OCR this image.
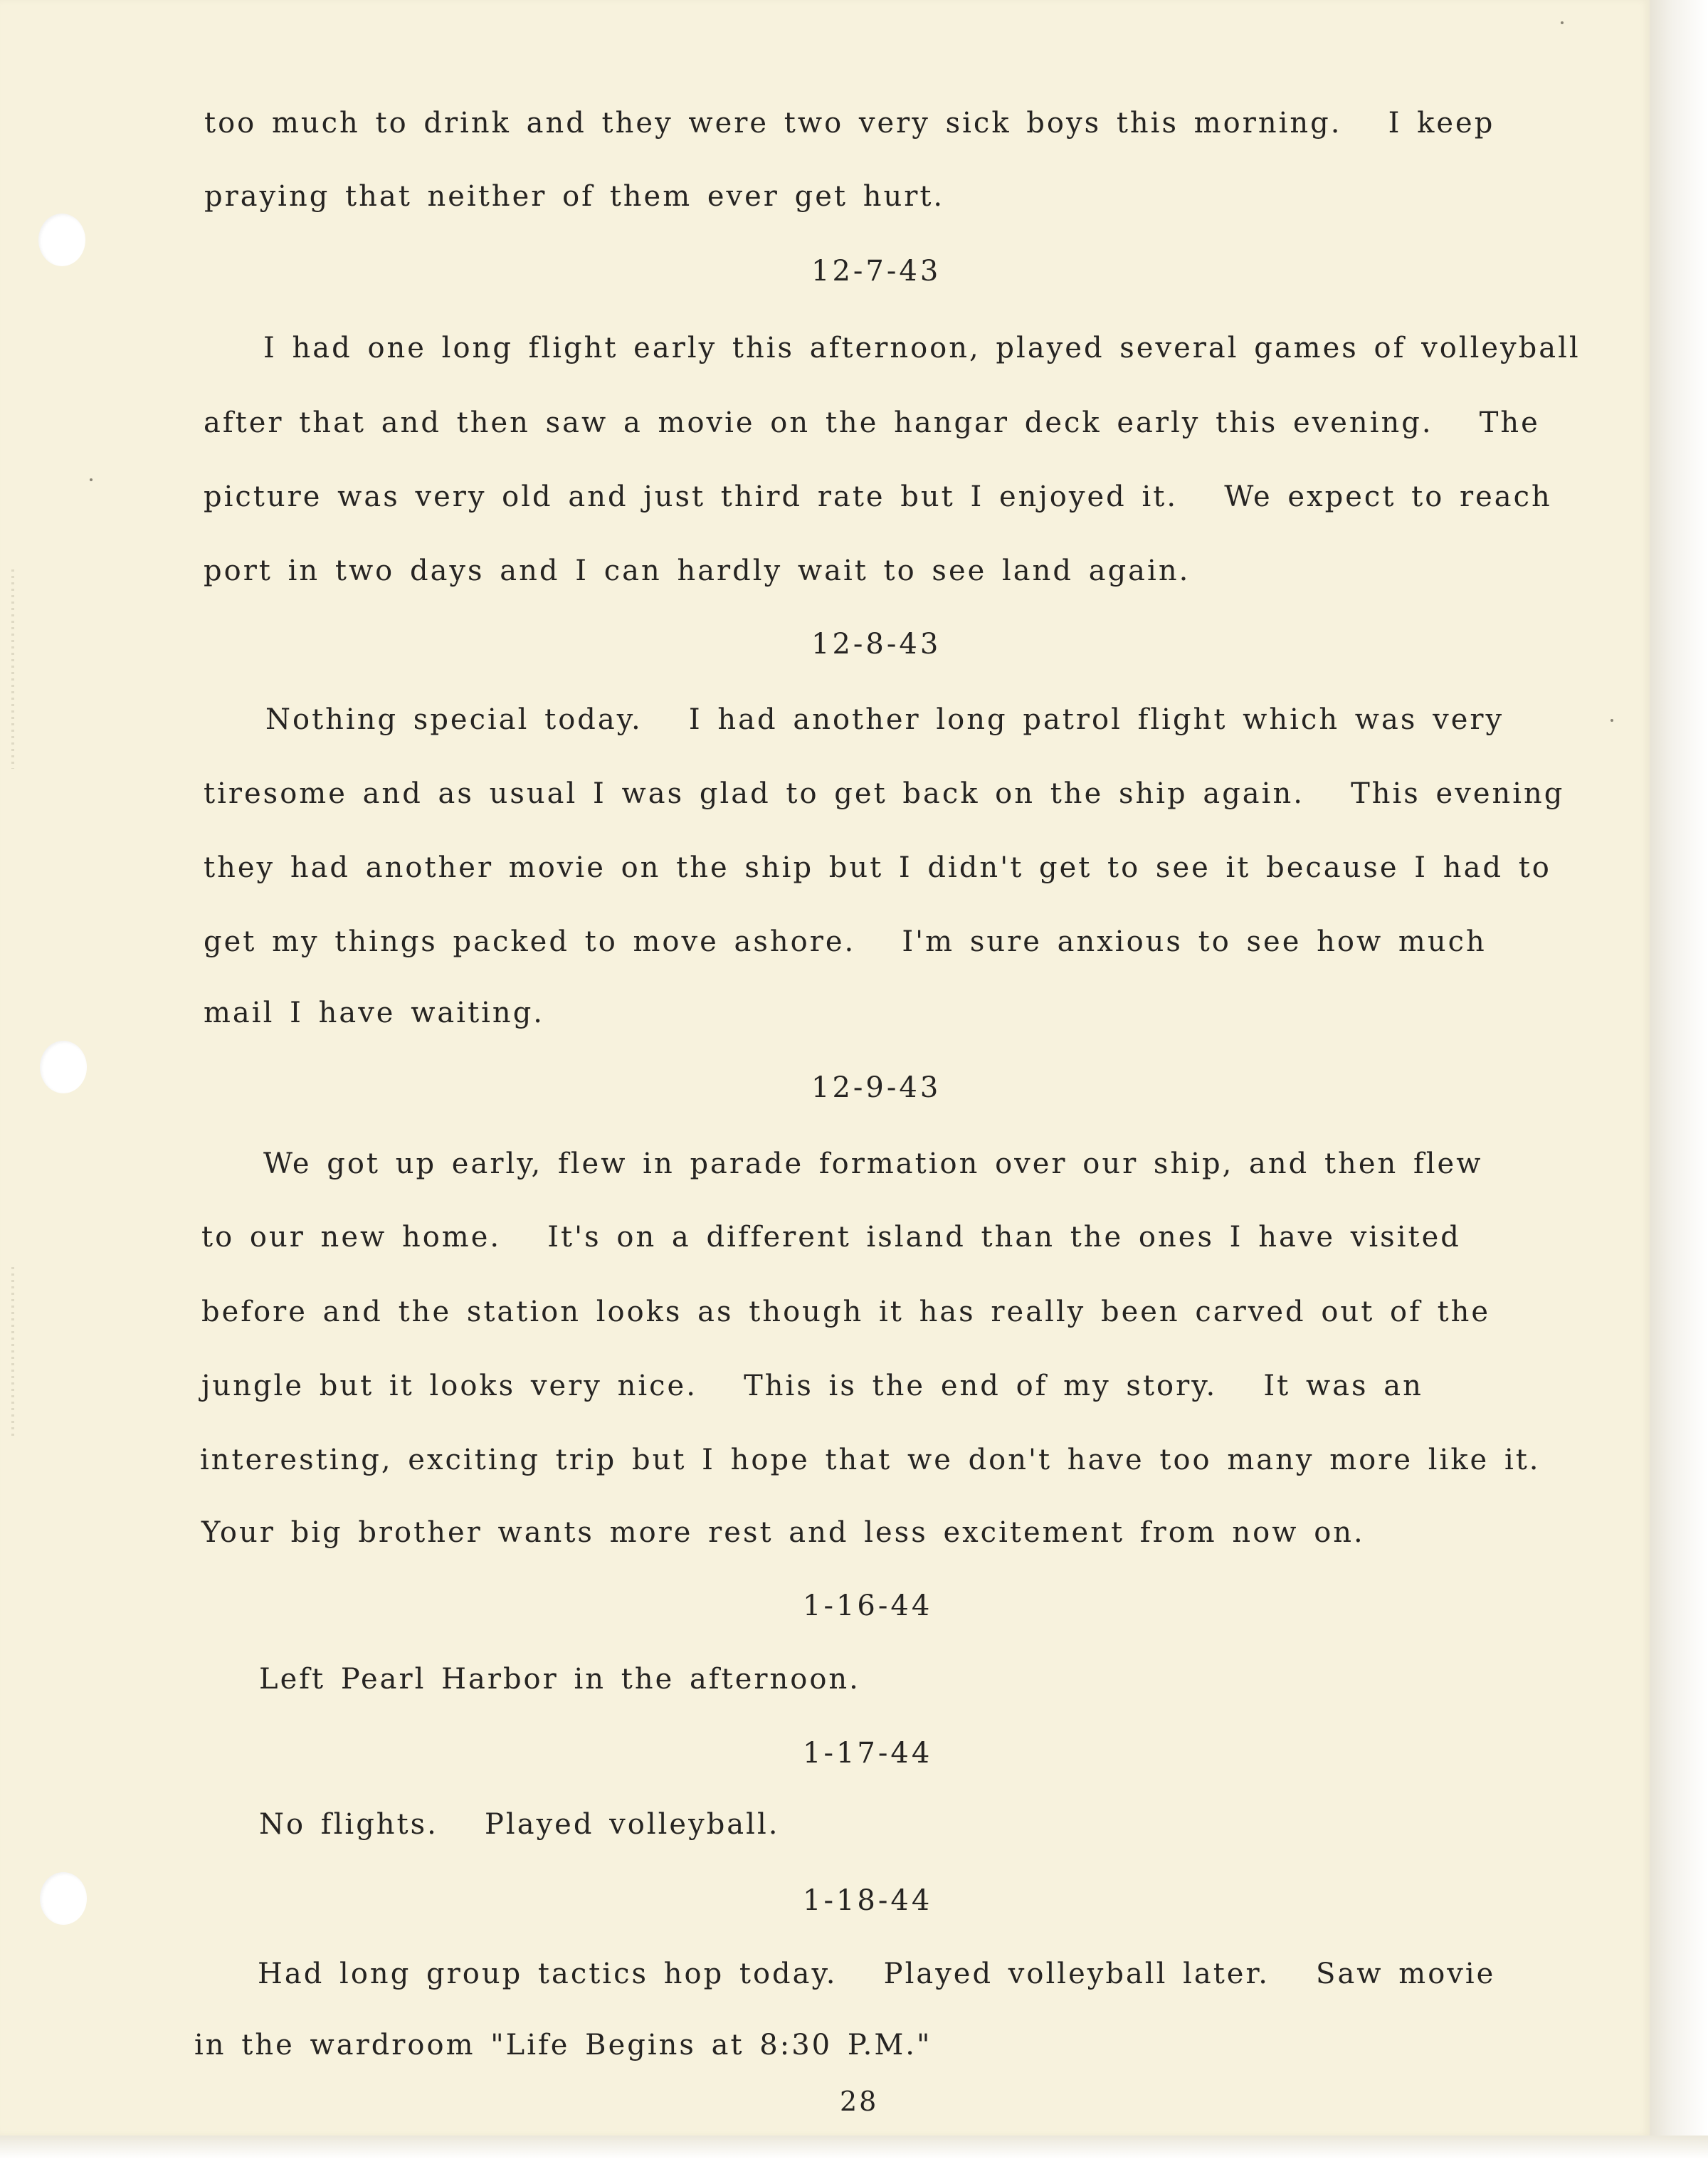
too much to drink and they were two very sick boys this morning.   I keep

praying that neither of them ever get hurt.

12-7-43

I had one long flight early this afternoon, played several games of volleyball

after that and then saw a movie on the hangar deck early this evening.   The

picture was very old and just third rate but I enjoyed it.   We expect to reach

port in two days and I can hardly wait to see land again.

12-8-43

Nothing special today.   I had another long patrol flight which was very

tiresome and as usual I was glad to get back on the ship again.   This evening

they had another movie on the ship but I didn't get to see it because I had to

get my things packed to move ashore.   I'm sure anxious to see how much

mail I have waiting.

12-9-43

We got up early, flew in parade formation over our ship, and then flew

to our new home.   It's on a different island than the ones I have visited

before and the station looks as though it has really been carved out of the

jungle but it looks very nice.   This is the end of my story.   It was an

interesting, exciting trip but I hope that we don't have too many more like it.

Your big brother wants more rest and less excitement from now on.

1-16-44

Left Pearl Harbor in the afternoon.

1-17-44

No flights.   Played volleyball.

1-18-44

Had long group tactics hop today.   Played volleyball later.   Saw movie

in the wardroom "Life Begins at 8:30 P.M."

28
